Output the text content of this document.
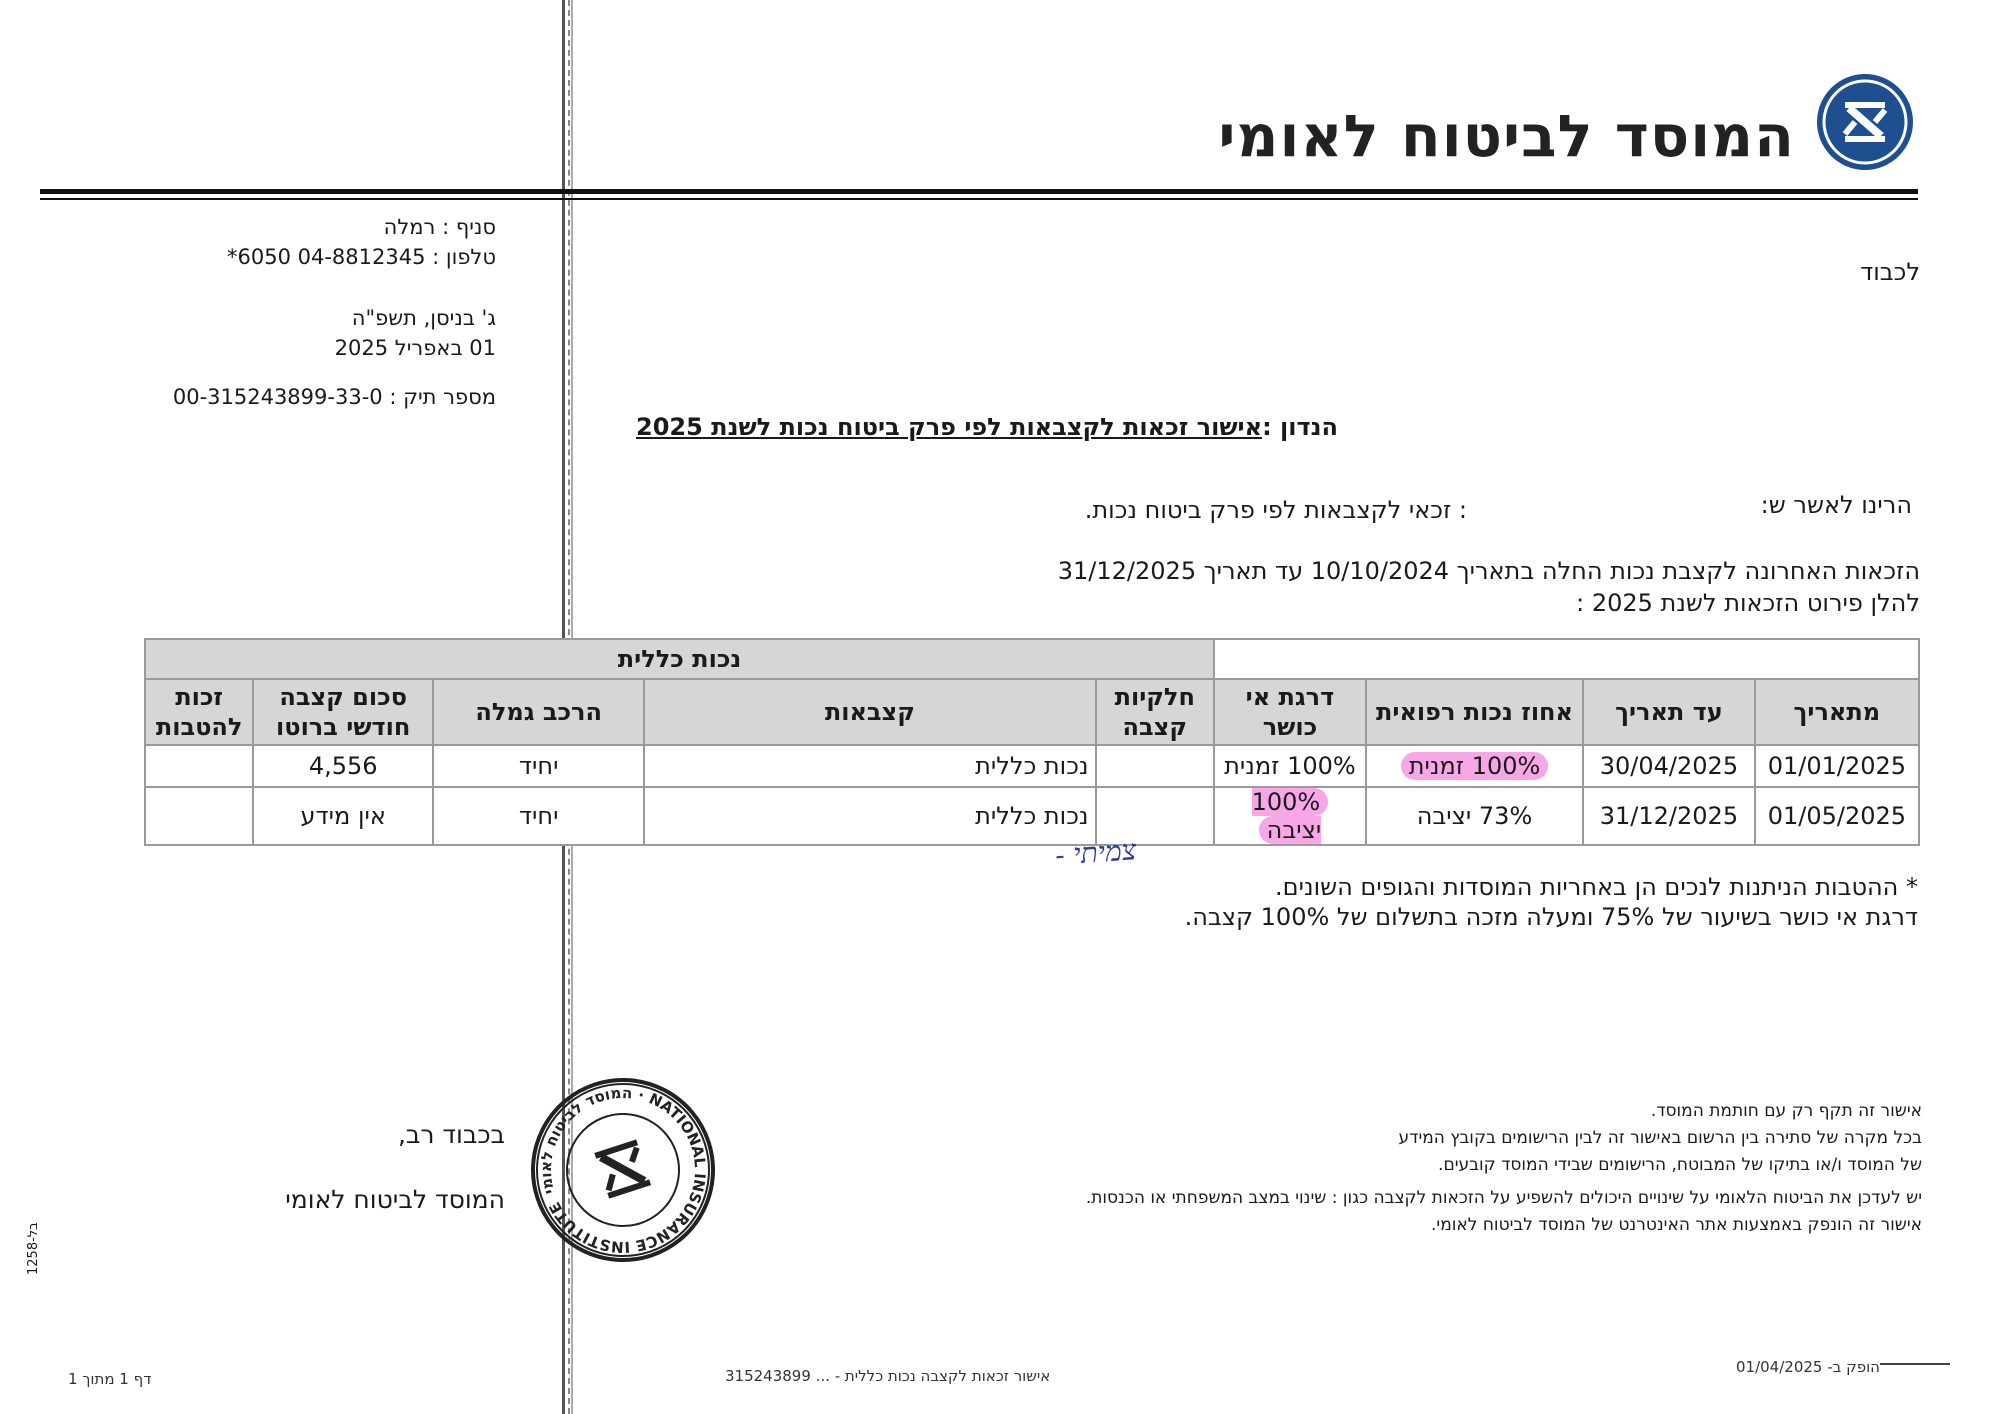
המוסד לביטוח לאומי
סניף : רמלה
טלפון : 04-8812345 6050*
ג' בניסן, תשפ"ה
01 באפריל 2025
מספר תיק : 00-315243899-33-0
לכבוד
הנדון :אישור זכאות לקצבאות לפי פרק ביטוח נכות לשנת 2025
הרינו לאשר ש:
: זכאי לקצבאות לפי פרק ביטוח נכות.
הזכאות האחרונה לקצבת נכות החלה בתאריך 10/10/2024 עד תאריך 31/12/2025
להלן פירוט הזכאות לשנת 2025 :
				נכות כללית				
מתאריך	עד תאריך	אחוז נכות רפואית	דרגת אי כושר	חלקיות קצבה	קצבאות	הרכב גמלה	סכום קצבה חודשי ברוטו	זכות להטבות
01/01/2025	30/04/2025	100% זמנית	100% זמנית		נכות כללית	יחיד	4,556	
01/05/2025	31/12/2025	73% יציבה	100% יציבה		נכות כללית	יחיד	אין מידע	
צמיתי -
* ההטבות הניתנות לנכים הן באחריות המוסדות והגופים השונים.
דרגת אי כושר בשיעור של 75% ומעלה מזכה בתשלום של 100% קצבה.
אישור זה תקף רק עם חותמת המוסד.
בכל מקרה של סתירה בין הרשום באישור זה לבין הרישומים בקובץ המידע
של המוסד ו/או בתיקו של המבוטח, הרישומים שבידי המוסד קובעים.
יש לעדכן את הביטוח הלאומי על שינויים היכולים להשפיע על הזכאות לקצבה כגון : שינוי במצב המשפחתי או הכנסות.
אישור זה הונפק באמצעות אתר האינטרנט של המוסד לביטוח לאומי.
בכבוד רב,
המוסד לביטוח לאומי	המוסד לביטוח לאומי · NATIONAL INSURANCE INSTITUTE
בל-1258
דף 1 מתוך 1	אישור זכאות לקצבה נכות כללית - ... 315243899	הופק ב- 01/04/2025
